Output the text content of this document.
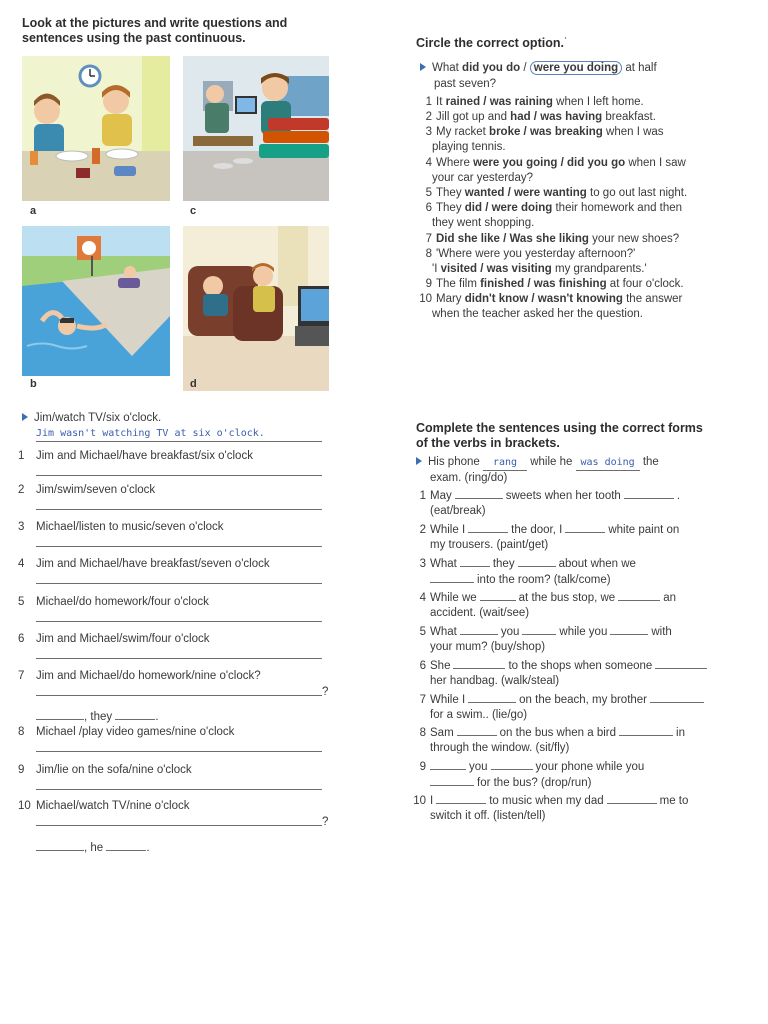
Look at the pictures and write questions and
sentences using the past continuous.
a	c
b	d
Jim/watch TV/six o'clock.
Jim wasn't watching TV at six o'clock.
1 Jim and Michael/have breakfast/six o'clock
2 Jim/swim/seven o'clock
3 Michael/listen to music/seven o'clock
4 Jim and Michael/have breakfast/seven o'clock
5 Michael/do homework/four o'clock
6 Jim and Michael/swim/four o'clock
7 Jim and Michael/do homework/nine o'clock?
8 Michael /play video games/nine o'clock
9 Jim/lie on the sofa/nine o'clock
10 Michael/watch TV/nine o'clock
?
?
, they	.
, he	.
Circle the correct option.˙
What did you do / were you doing at half
past seven?
1 It rained / was raining when I left home.
2 Jill got up and had / was having breakfast.
3 My racket broke / was breaking when I was
playing tennis.
4 Where were you going / did you go when I saw
your car yesterday?
5 They wanted / were wanting to go out last night.
6 They did / were doing their homework and then
they went shopping.
7 Did she like / Was she liking your new shoes?
8 'Where were you yesterday afternoon?'
'I visited / was visiting my grandparents.'
9 The film finished / was finishing at four o'clock.
10 Mary didn't know / wasn't knowing the answer
when the teacher asked her the question.
Complete the sentences using the correct forms
of the verbs in brackets.
His phone rang while he was doing the
exam. (ring/do)
1 May	sweets when her tooth	.
(eat/break)
2 While I	the door, I	white paint on
my trousers. (paint/get)
3 What	they	about when we
into the room? (talk/come)
4 While we	at the bus stop, we	an
accident. (wait/see)
5 What	you	while you	with
your mum? (buy/shop)
6 She	to the shops when someone
her handbag. (walk/steal)
7 While I	on the beach, my brother
for a swim.. (lie/go)
8 Sam	on the bus when a bird	in
through the window. (sit/fly)
9	you	your phone while you
for the bus? (drop/run)
10 I	to music when my dad	me to
switch it off. (listen/tell)
